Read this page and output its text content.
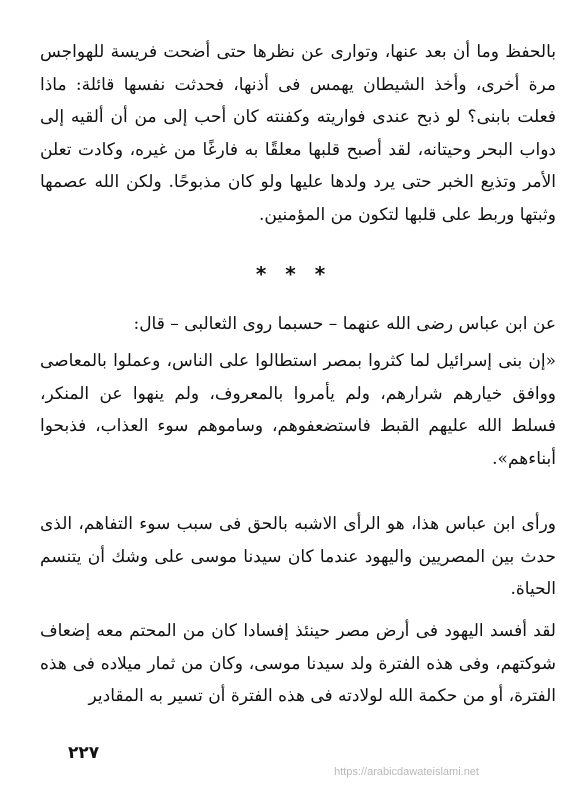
بالحفظ وما أن بعد عنها، وتوارى عن نظرها حتى أضحت فريسة للهواجس مرة أخرى، وأخذ الشيطان يهمس فى أذنها، فحدثت نفسها قائلة: ماذا فعلت بابنى؟ لو ذبح عندى فواريته وكفنته كان أحب إلى من أن ألقيه إلى دواب البحر وحيتانه، لقد أصبح قلبها معلقًا به فارغًا من غيره، وكادت تعلن الأمر وتذيع الخبر حتى يرد ولدها عليها ولو كان مذبوحًا. ولكن الله عصمها وثبتها وربط على قلبها لتكون من المؤمنين.

* * *

عن ابن عباس رضى الله عنهما – حسبما روى الثعالبى – قال:

«إن بنى إسرائيل لما كثروا بمصر استطالوا على الناس، وعملوا بالمعاصى ووافق خيارهم شرارهم، ولم يأمروا بالمعروف، ولم ينهوا عن المنكر، فسلط الله عليهم القبط فاستضعفوهم، وساموهم سوء العذاب، فذبحوا أبناءهم».

ورأى ابن عباس هذا، هو الرأى الاشبه بالحق فى سبب سوء التفاهم، الذى حدث بين المصريين واليهود عندما كان سيدنا موسى على وشك أن يتنسم الحياة.

لقد أفسد اليهود فى أرض مصر حينئذ إفسادا كان من المحتم معه إضعاف شوكتهم، وفى هذه الفترة ولد سيدنا موسى، وكان من ثمار ميلاده فى هذه الفترة، أو من حكمة الله لولادته فى هذه الفترة أن تسير به المقادير

٢٢٧
https://arabicdawateislami.net
